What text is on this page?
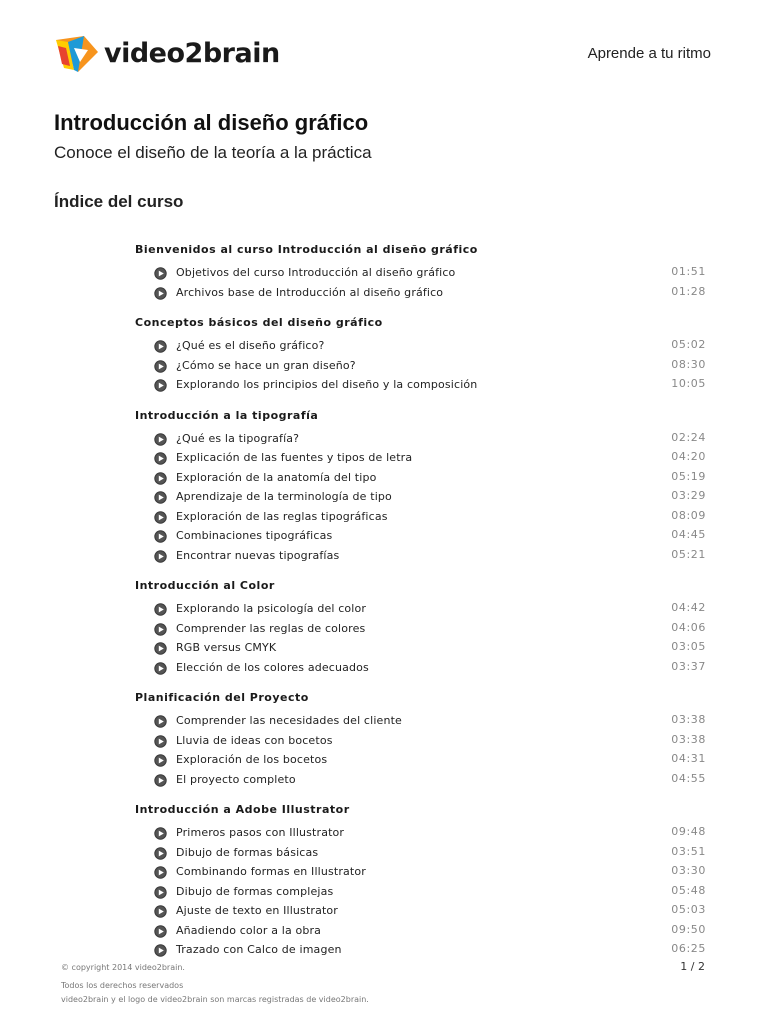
video2brain	Aprende a tu ritmo
Introducción al diseño gráfico
Conoce el diseño de la teoría a la práctica
Índice del curso
Bienvenidos al curso Introducción al diseño gráfico
Objetivos del curso Introducción al diseño gráfico	01:51
Archivos base de Introducción al diseño gráfico	01:28
Conceptos básicos del diseño gráfico
¿Qué es el diseño gráfico?	05:02
¿Cómo se hace un gran diseño?	08:30
Explorando los principios del diseño y la composición	10:05
Introducción a la tipografía
¿Qué es la tipografía?	02:24
Explicación de las fuentes y tipos de letra	04:20
Exploración de la anatomía del tipo	05:19
Aprendizaje de la terminología de tipo	03:29
Exploración de las reglas tipográficas	08:09
Combinaciones tipográficas	04:45
Encontrar nuevas tipografías	05:21
Introducción al Color
Explorando la psicología del color	04:42
Comprender las reglas de colores	04:06
RGB versus CMYK	03:05
Elección de los colores adecuados	03:37
Planificación del Proyecto
Comprender las necesidades del cliente	03:38
Lluvia de ideas con bocetos	03:38
Exploración de los bocetos	04:31
El proyecto completo	04:55
Introducción a Adobe Illustrator
Primeros pasos con Illustrator	09:48
Dibujo de formas básicas	03:51
Combinando formas en Illustrator	03:30
Dibujo de formas complejas	05:48
Ajuste de texto en Illustrator	05:03
Añadiendo color a la obra	09:50
Trazado con Calco de imagen	06:25
© copyright 2014 video2brain.	1 / 2
Todos los derechos reservados
video2brain y el logo de video2brain son marcas registradas de video2brain.
